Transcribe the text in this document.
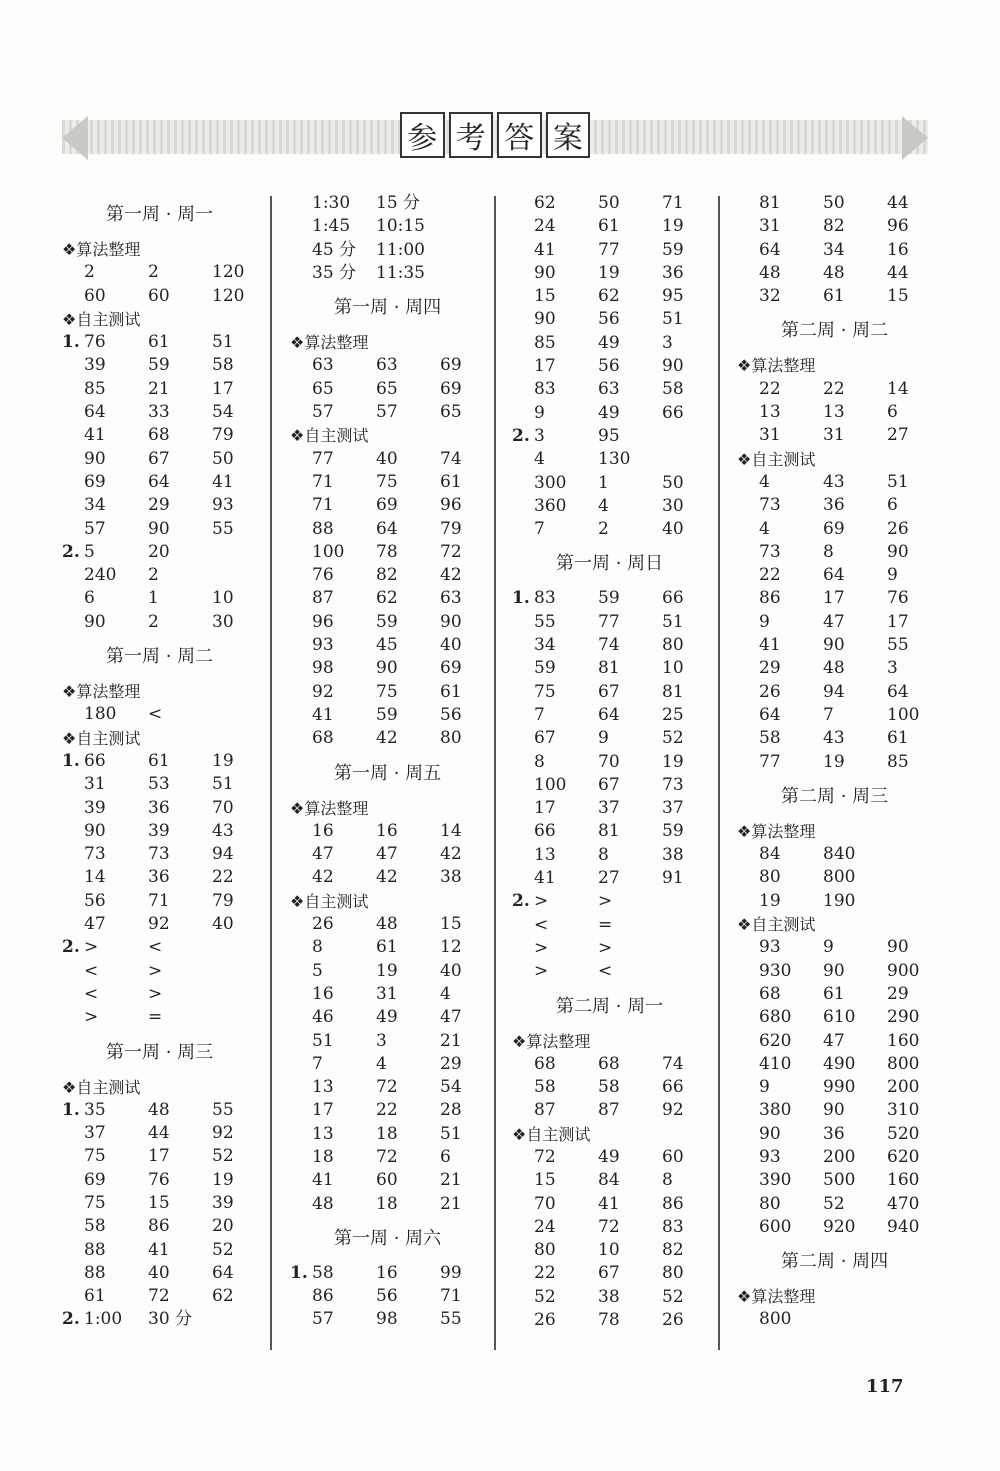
参 考 答 案
第一周 · 周一
❖算法整理
2	2	120
60 60 120
❖自主测试
1. 76 61 51
39 59 58
85 21 17
64 33 54
41 68 79
90 67 50
69 64 41
34 29 93
57 90 55
2. 5	20
240 2
6	1	10
90 2	30
第一周 · 周二
❖算法整理
180 <
❖自主测试
1. 66 61 19
31 53 51
39 36 70
90 39 43
73 73 94
14 36 22
56 71 79
47 92 40
2. >	<
<	>
<	>
>	=
第一周 · 周三
❖自主测试
1. 35 48 55
37 44 92
75 17 52
69 76 19
75 15 39
58 86 20
88 41 52
88 40 64
61 72 62
2. 1:00 30 分
1:30 15 分
1:45 10:15
45 分 11:00
35 分 11:35
第一周 · 周四
❖算法整理
63 63 69
65 65 69
57 57 65
❖自主测试
77 40 74
71 75 61
71 69 96
88 64 79
100 78 72
76 82 42
87 62 63
96 59 90
93 45 40
98 90 69
92 75 61
41 59 56
68 42 80
第一周 · 周五
❖算法整理
16 16 14
47 47 42
42 42 38
❖自主测试
26 48 15
8	61 12
5	19 40
16 31 4
46 49 47
51 3	21
7	4	29
13 72 54
17 22 28
13 18 51
18 72 6
41 60 21
48 18 21
第一周 · 周六
1. 58 16 99
86 56 71
57 98 55
62 50 71
24 61 19
41 77 59
90 19 36
15 62 95
90 56 51
85 49 3
17 56 90
83 63 58
9	49 66
2. 3	95
4	130
300 1	50
360 4	30
7	2	40
第一周 · 周日
1. 83 59 66
55 77 51
34 74 80
59 81 10
75 67 81
7	64 25
67 9	52
8	70 19
100 67 73
17 37 37
66 81 59
13 8	38
41 27 91
2. >	>
<	=
>	>
>	<
第二周 · 周一
❖算法整理
68 68 74
58 58 66
87 87 92
❖自主测试
72 49 60
15 84 8
70 41 86
24 72 83
80 10 82
22 67 80
52 38 52
26 78 26
81 50 44
31 82 96
64 34 16
48 48 44
32 61 15
第二周 · 周二
❖算法整理
22 22 14
13 13 6
31 31 27
❖自主测试
4	43 51
73 36 6
4	69 26
73 8	90
22 64 9
86 17 76
9	47 17
41 90 55
29 48 3
26 94 64
64 7	100
58 43 61
77 19 85
第二周 · 周三
❖算法整理
84 840
80 800
19 190
❖自主测试
93 9	90
930 90 900
68 61 29
680 610 290
620 47 160
410 490 800
9	990 200
380 90 310
90 36 520
93 200 620
390 500 160
80 52 470
600 920 940
第二周 · 周四
❖算法整理
800
117
